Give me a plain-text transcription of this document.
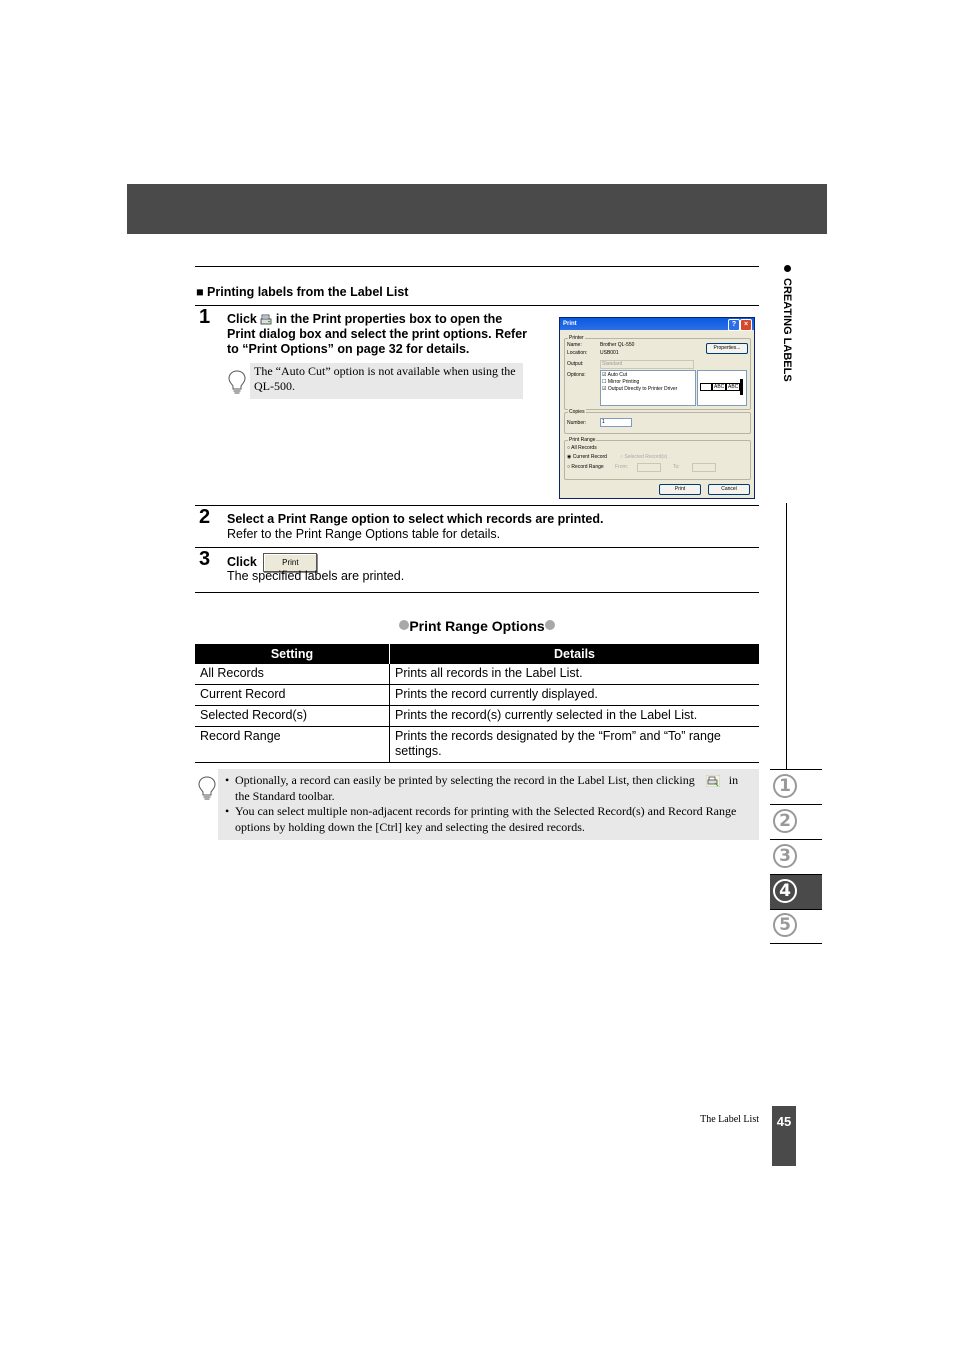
■ Printing labels from the Label List
1 Click in the Print properties box to open the
Print dialog box and select the print options. Refer
to “Print Options” on page 32 for details.
The “Auto Cut” option is not available when using the QL-500.
Print	?	×
Printer
Name:	Brother QL-550
Location:	USB001
Properties...
Output:	Standard
Options:	☑ Auto Cut
☐ Mirror Printing
☑ Output Directly to Printer Driver	ABC ABC
Copies
Number:	1
Print Range
○ All Records
◉ Current Record	○ Selected Record(s)
○ Record Range From:	To:
Print	Cancel
2 Select a Print Range option to select which records are printed.
Refer to the Print Range Options table for details.
3 Click	Print
The specified labels are printed.
Print Range Options
Setting	Details
All Records	Prints all records in the Label List.
Current Record	Prints the record currently displayed.
Selected Record(s)	Prints the record(s) currently selected in the Label List.
Record Range	Prints the records designated by the “From” and “To” range settings.
• Optionally, a record can easily be printed by selecting the record in the Label List, then clicking	in the Standard toolbar.
• You can select multiple non-adjacent records for printing with the Selected Record(s) and Record Range options by holding down the [Ctrl] key and selecting the desired records.
CREATING LABELS
1
2
3
4
5
The Label List	45
